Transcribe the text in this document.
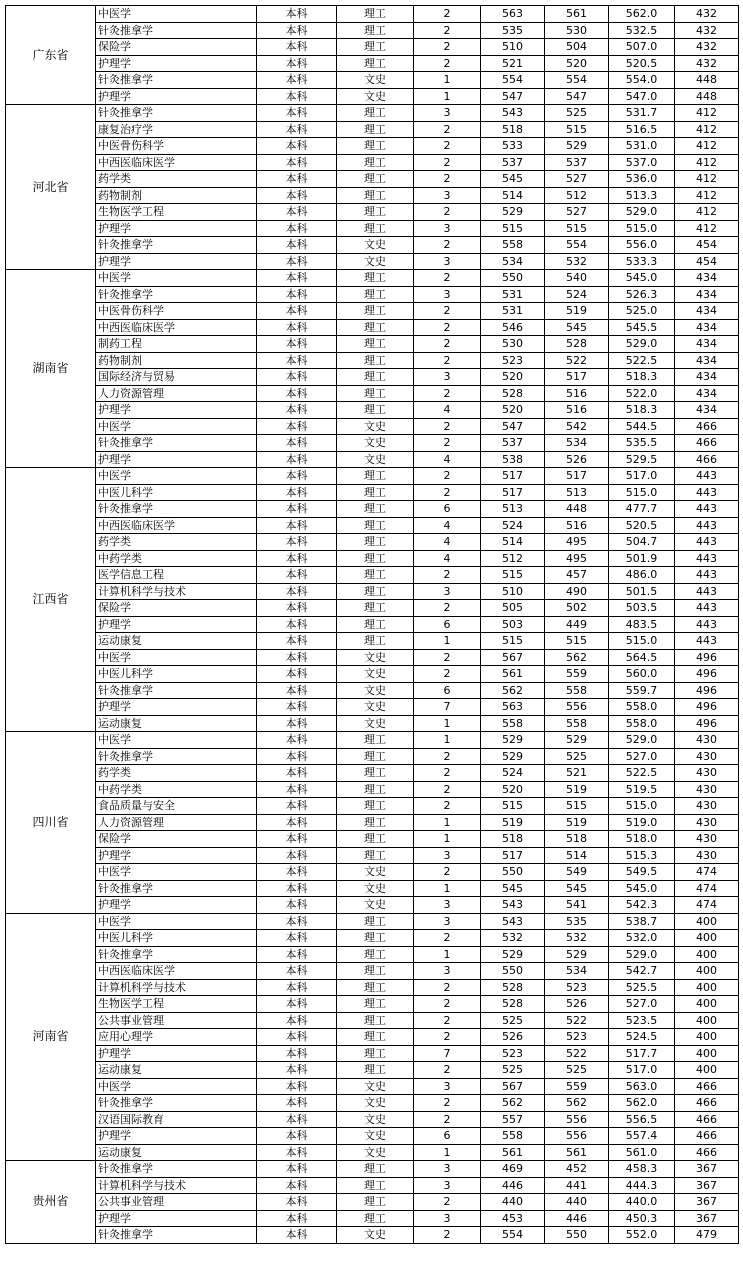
广东省	中医学	本科	理工	2	563	561	562.0	432
	针灸推拿学	本科	理工	2	535	530	532.5	432
	保险学	本科	理工	2	510	504	507.0	432
	护理学	本科	理工	2	521	520	520.5	432
	针灸推拿学	本科	文史	1	554	554	554.0	448
	护理学	本科	文史	1	547	547	547.0	448
河北省	针灸推拿学	本科	理工	3	543	525	531.7	412
	康复治疗学	本科	理工	2	518	515	516.5	412
	中医骨伤科学	本科	理工	2	533	529	531.0	412
	中西医临床医学	本科	理工	2	537	537	537.0	412
	药学类	本科	理工	2	545	527	536.0	412
	药物制剂	本科	理工	3	514	512	513.3	412
	生物医学工程	本科	理工	2	529	527	529.0	412
	护理学	本科	理工	3	515	515	515.0	412
	针灸推拿学	本科	文史	2	558	554	556.0	454
	护理学	本科	文史	3	534	532	533.3	454
湖南省	中医学	本科	理工	2	550	540	545.0	434
	针灸推拿学	本科	理工	3	531	524	526.3	434
	中医骨伤科学	本科	理工	2	531	519	525.0	434
	中西医临床医学	本科	理工	2	546	545	545.5	434
	制药工程	本科	理工	2	530	528	529.0	434
	药物制剂	本科	理工	2	523	522	522.5	434
	国际经济与贸易	本科	理工	3	520	517	518.3	434
	人力资源管理	本科	理工	2	528	516	522.0	434
	护理学	本科	理工	4	520	516	518.3	434
	中医学	本科	文史	2	547	542	544.5	466
	针灸推拿学	本科	文史	2	537	534	535.5	466
	护理学	本科	文史	4	538	526	529.5	466
江西省	中医学	本科	理工	2	517	517	517.0	443
	中医儿科学	本科	理工	2	517	513	515.0	443
	针灸推拿学	本科	理工	6	513	448	477.7	443
	中西医临床医学	本科	理工	4	524	516	520.5	443
	药学类	本科	理工	4	514	495	504.7	443
	中药学类	本科	理工	4	512	495	501.9	443
	医学信息工程	本科	理工	2	515	457	486.0	443
	计算机科学与技术	本科	理工	3	510	490	501.5	443
	保险学	本科	理工	2	505	502	503.5	443
	护理学	本科	理工	6	503	449	483.5	443
	运动康复	本科	理工	1	515	515	515.0	443
	中医学	本科	文史	2	567	562	564.5	496
	中医儿科学	本科	文史	2	561	559	560.0	496
	针灸推拿学	本科	文史	6	562	558	559.7	496
	护理学	本科	文史	7	563	556	558.0	496
	运动康复	本科	文史	1	558	558	558.0	496
四川省	中医学	本科	理工	1	529	529	529.0	430
	针灸推拿学	本科	理工	2	529	525	527.0	430
	药学类	本科	理工	2	524	521	522.5	430
	中药学类	本科	理工	2	520	519	519.5	430
	食品质量与安全	本科	理工	2	515	515	515.0	430
	人力资源管理	本科	理工	1	519	519	519.0	430
	保险学	本科	理工	1	518	518	518.0	430
	护理学	本科	理工	3	517	514	515.3	430
	中医学	本科	文史	2	550	549	549.5	474
	针灸推拿学	本科	文史	1	545	545	545.0	474
	护理学	本科	文史	3	543	541	542.3	474
河南省	中医学	本科	理工	3	543	535	538.7	400
	中医儿科学	本科	理工	2	532	532	532.0	400
	针灸推拿学	本科	理工	1	529	529	529.0	400
	中西医临床医学	本科	理工	3	550	534	542.7	400
	计算机科学与技术	本科	理工	2	528	523	525.5	400
	生物医学工程	本科	理工	2	528	526	527.0	400
	公共事业管理	本科	理工	2	525	522	523.5	400
	应用心理学	本科	理工	2	526	523	524.5	400
	护理学	本科	理工	7	523	522	517.7	400
	运动康复	本科	理工	2	525	525	517.0	400
	中医学	本科	文史	3	567	559	563.0	466
	针灸推拿学	本科	文史	2	562	562	562.0	466
	汉语国际教育	本科	文史	2	557	556	556.5	466
	护理学	本科	文史	6	558	556	557.4	466
	运动康复	本科	文史	1	561	561	561.0	466
贵州省	针灸推拿学	本科	理工	3	469	452	458.3	367
	计算机科学与技术	本科	理工	3	446	441	444.3	367
	公共事业管理	本科	理工	2	440	440	440.0	367
	护理学	本科	理工	3	453	446	450.3	367
	针灸推拿学	本科	文史	2	554	550	552.0	479
